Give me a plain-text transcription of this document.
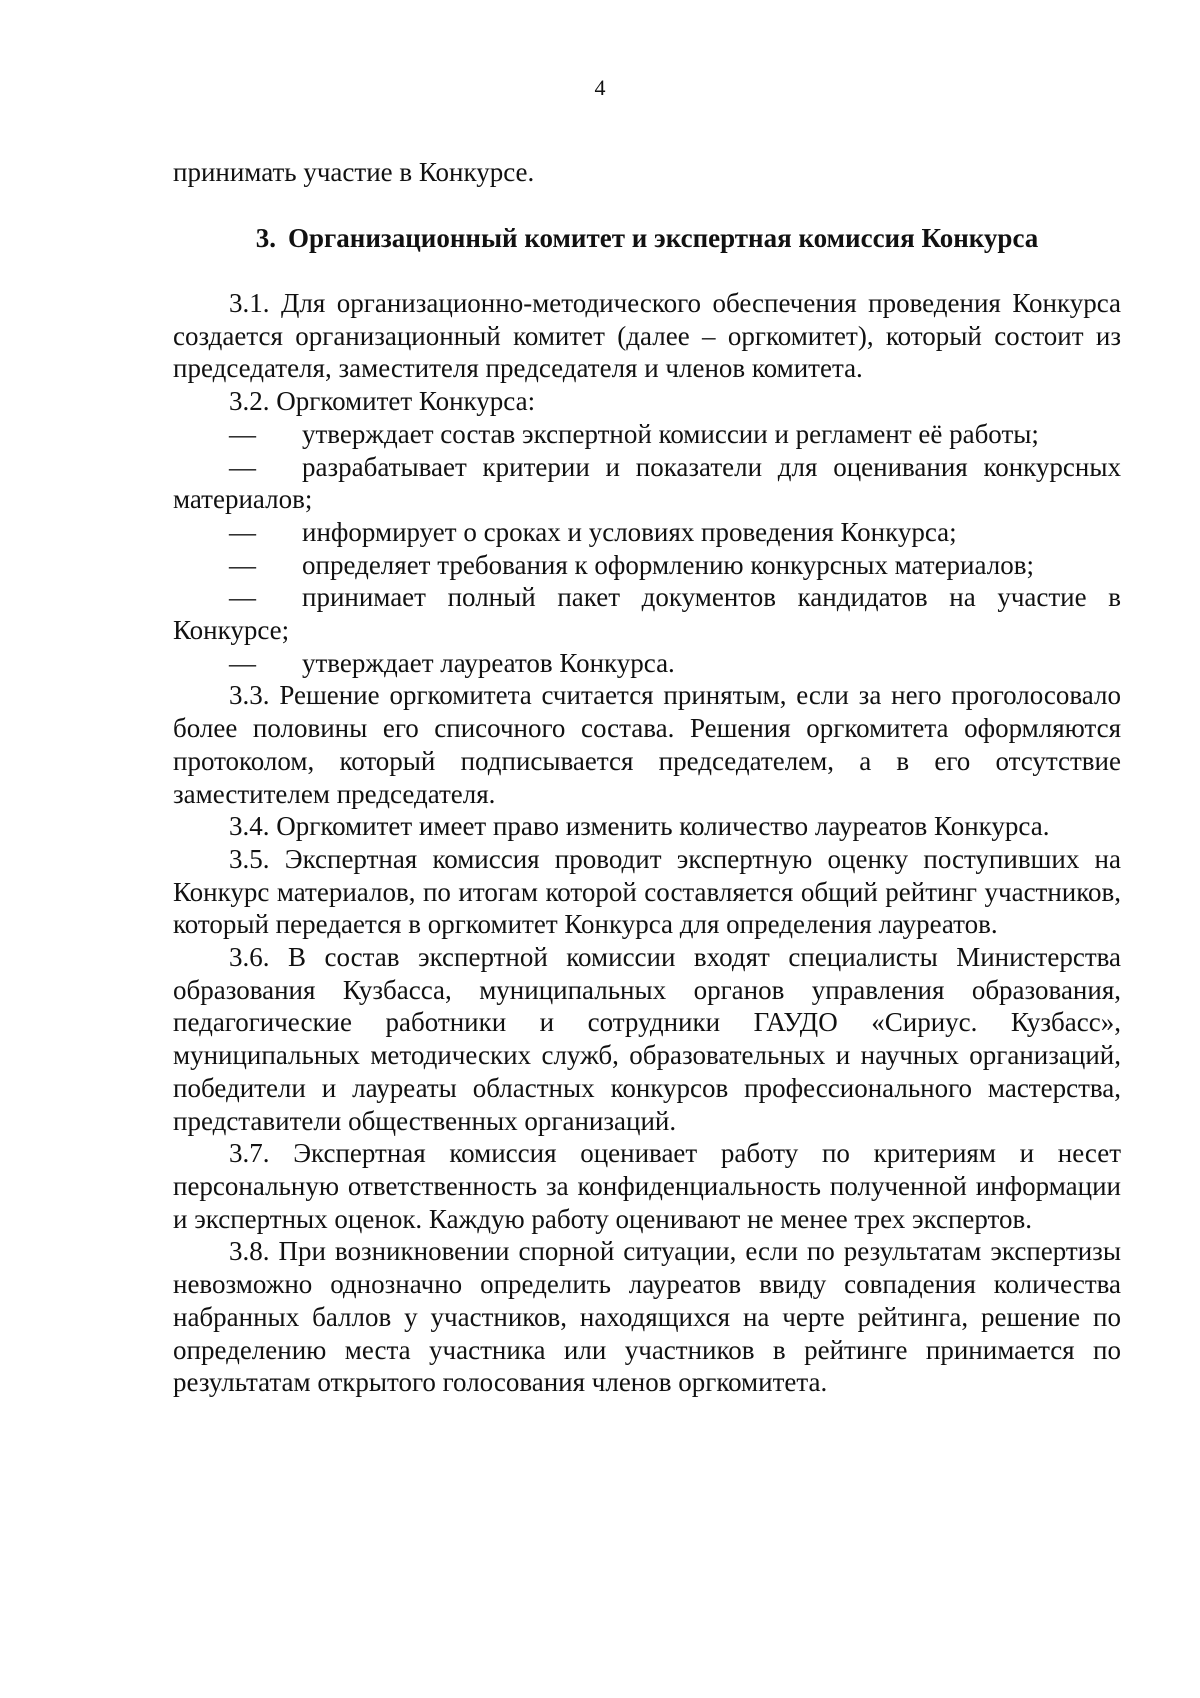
4

принимать участие в Конкурсе.

3. Организационный комитет и экспертная комиссия Конкурса

3.1. Для организационно-методического обеспечения проведения Конкурса создается организационный комитет (далее – оргкомитет), который состоит из председателя, заместителя председателя и членов комитета.

3.2. Оргкомитет Конкурса:

— утверждает состав экспертной комиссии и регламент её работы;

— разрабатывает критерии и показатели для оценивания конкурсных материалов;

— информирует о сроках и условиях проведения Конкурса;

— определяет требования к оформлению конкурсных материалов;

— принимает полный пакет документов кандидатов на участие в Конкурсе;

— утверждает лауреатов Конкурса.

3.3. Решение оргкомитета считается принятым, если за него проголосовало более половины его списочного состава. Решения оргкомитета оформляются протоколом, который подписывается председателем, а в его отсутствие заместителем председателя.

3.4. Оргкомитет имеет право изменить количество лауреатов Конкурса.

3.5. Экспертная комиссия проводит экспертную оценку поступивших на Конкурс материалов, по итогам которой составляется общий рейтинг участников, который передается в оргкомитет Конкурса для определения лауреатов.

3.6. В состав экспертной комиссии входят специалисты Министерства образования Кузбасса, муниципальных органов управления образования, педагогические работники и сотрудники ГАУДО «Сириус. Кузбасс», муниципальных методических служб, образовательных и научных организаций, победители и лауреаты областных конкурсов профессионального мастерства, представители общественных организаций.

3.7. Экспертная комиссия оценивает работу по критериям и несет персональную ответственность за конфиденциальность полученной информации и экспертных оценок. Каждую работу оценивают не менее трех экспертов.

3.8. При возникновении спорной ситуации, если по результатам экспертизы невозможно однозначно определить лауреатов ввиду совпадения количества набранных баллов у участников, находящихся на черте рейтинга, решение по определению места участника или участников в рейтинге принимается по результатам открытого голосования членов оргкомитета.
